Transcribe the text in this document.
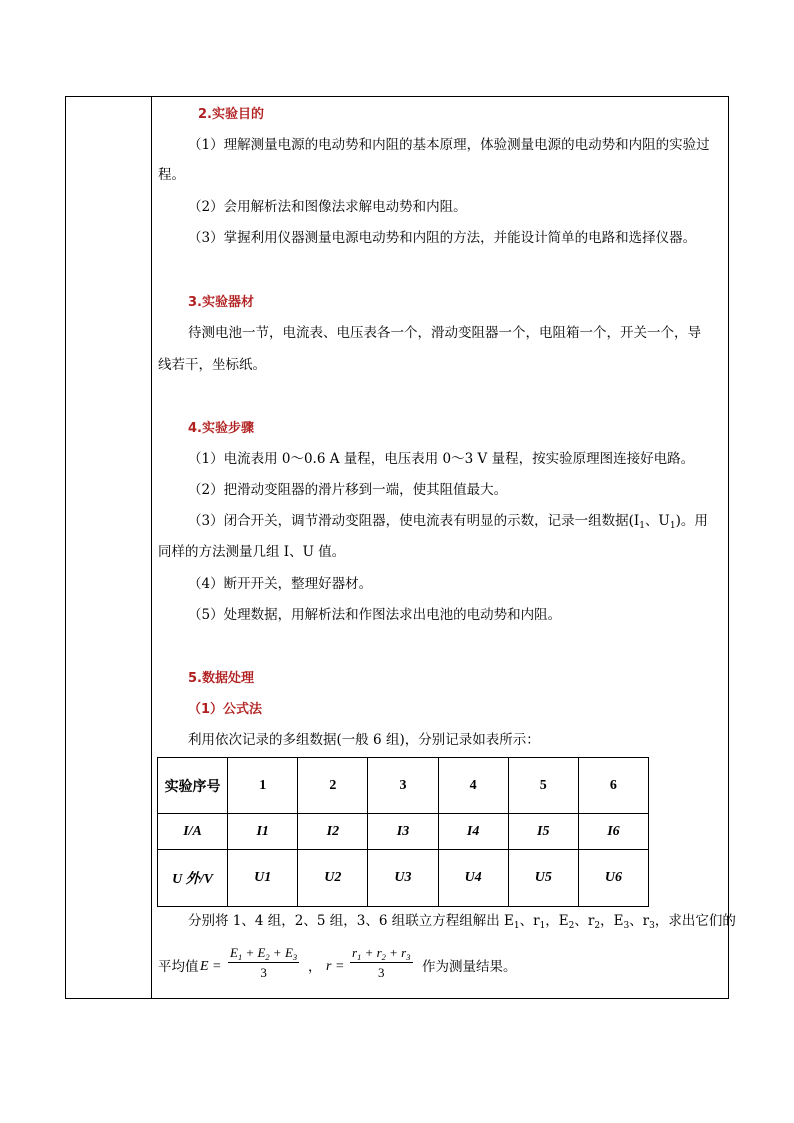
2.实验目的
（1）理解测量电源的电动势和内阻的基本原理，体验测量电源的电动势和内阻的实验过
程。
（2）会用解析法和图像法求解电动势和内阻。
（3）掌握利用仪器测量电源电动势和内阻的方法，并能设计简单的电路和选择仪器。
3.实验器材
待测电池一节，电流表、电压表各一个，滑动变阻器一个，电阻箱一个，开关一个，导
线若干，坐标纸。
4.实验步骤
（1）电流表用 0～0.6 A 量程，电压表用 0～3 V 量程，按实验原理图连接好电路。
（2）把滑动变阻器的滑片移到一端，使其阻值最大。
（3）闭合开关，调节滑动变阻器，使电流表有明显的示数，记录一组数据($I_1$、$U_1$)。用
同样的方法测量几组 I、U 值。
（4）断开开关，整理好器材。
（5）处理数据，用解析法和作图法求出电池的电动势和内阻。
5.数据处理
（1）公式法
利用依次记录的多组数据(一般 6 组)，分别记录如表所示：
实验序号	1	2	3	4	5	6
I/A	I1	I2	I3	I4	I5	I6
U 外/V	U1	U2	U3	U4	U5	U6
分别将 1、4 组，2、5 组，3、6 组联立方程组解出 $E_1$、$r_1$，$E_2$、$r_2$，$E_3$、$r_3$，求出它们的
平均值 $E = \frac{E_1 + E_2 + E_3}{3}$ ， $r = \frac{r_1 + r_2 + r_3}{3}$ 作为测量结果。
